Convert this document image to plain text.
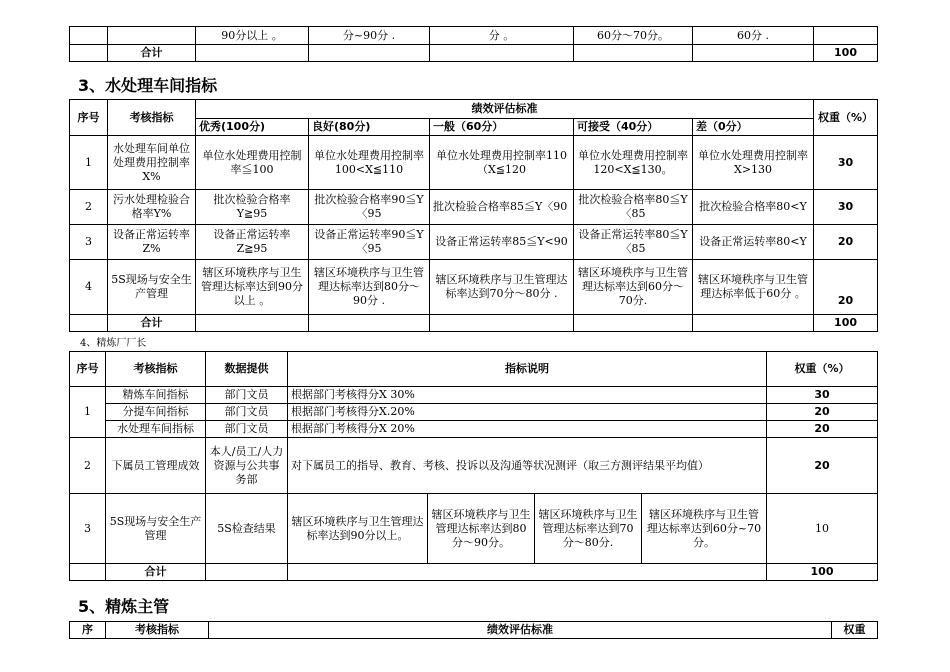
		90分以上 。	分~90分 .	分 。	60分～70分。	60分 .	
	合计						100
3、水处理车间指标
序号	考核指标	绩效评估标准					权重（%）
		优秀(100分)	良好(80分)	一般（60分）	可接受（40分）	差（0分）	
1	水处理车间单位处理费用控制率X%	单位水处理费用控制率≦100	单位水处理费用控制率100<X≦110	单位水处理费用控制率110（X≦120	单位水处理费用控制率120<X≦130。	单位水处理费用控制率X>130	30
2	污水处理检验合格率Y%	批次检验合格率Y≧95	批次检验合格率90≦Y〈95	批次检验合格率85≦Y〈90	批次检验合格率80≦Y〈85	批次检验合格率80<Y	30
3	设备正常运转率Z%	设备正常运转率Z≧95	设备正常运转率90≦Y〈95	设备正常运转率85≦Y<90	设备正常运转率80≦Y〈85	设备正常运转率80<Y	20
4	5S现场与安全生产管理	辖区环境秩序与卫生管理达标率达到90分以上 。	辖区环境秩序与卫生管理达标率达到80分～90分 .	辖区环境秩序与卫生管理达标率达到70分～80分 .	辖区环境秩序与卫生管理达标率达到60分～70分.	辖区环境秩序与卫生管理达标率低于60分 。	20
	合计						100
4、精炼厂厂长
序号	考核指标	数据提供	指标说明				权重（%）
1	精炼车间指标	部门文员	根据部门考核得分X 30%				30
	分提车间指标	部门文员	根据部门考核得分X.20%				20
	水处理车间指标	部门文员	根据部门考核得分X 20%				20
2	下属员工管理成效	本人/员工/人力资源与公共事务部	对下属员工的指导、教育、考核、投诉以及沟通等状况测评（取三方测评结果平均值）				20
3	5S现场与安全生产管理	5S检查结果	辖区环境秩序与卫生管理达标率达到90分以上。	辖区环境秩序与卫生管理达标率达到80分～90分。	辖区环境秩序与卫生管理达标率达到70分～80分.	辖区环境秩序与卫生管理达标率达到60分~70分。	10
	合计						100
5、精炼主管
序	考核指标	绩效评估标准	权重
